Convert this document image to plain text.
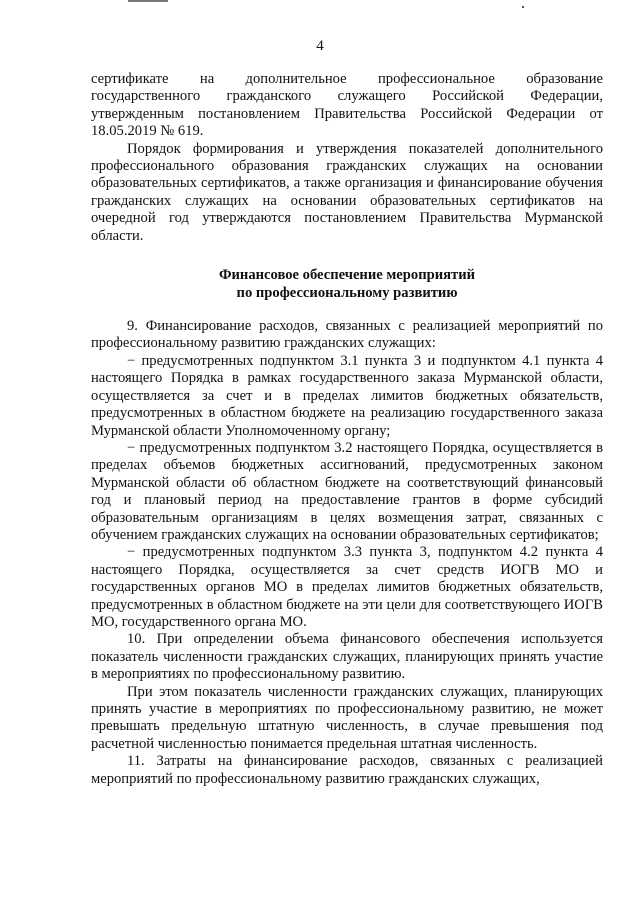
4

сертификате на дополнительное профессиональное образование государственного гражданского служащего Российской Федерации, утвержденным постановлением Правительства Российской Федерации от 18.05.2019 № 619.

Порядок формирования и утверждения показателей дополнительного профессионального образования гражданских служащих на основании образовательных сертификатов, а также организация и финансирование обучения гражданских служащих на основании образовательных сертификатов на очередной год утверждаются постановлением Правительства Мурманской области.

Финансовое обеспечение мероприятий
по профессиональному развитию

9. Финансирование расходов, связанных с реализацией мероприятий по профессиональному развитию гражданских служащих:

− предусмотренных подпунктом 3.1 пункта 3 и подпунктом 4.1 пункта 4 настоящего Порядка в рамках государственного заказа Мурманской области, осуществляется за счет и в пределах лимитов бюджетных обязательств, предусмотренных в областном бюджете на реализацию государственного заказа Мурманской области Уполномоченному органу;

− предусмотренных подпунктом 3.2 настоящего Порядка, осуществляется в пределах объемов бюджетных ассигнований, предусмотренных законом Мурманской области об областном бюджете на соответствующий финансовый год и плановый период на предоставление грантов в форме субсидий образовательным организациям в целях возмещения затрат, связанных с обучением гражданских служащих на основании образовательных сертификатов;

− предусмотренных подпунктом 3.3 пункта 3, подпунктом 4.2 пункта 4 настоящего Порядка, осуществляется за счет средств ИОГВ МО и государственных органов МО в пределах лимитов бюджетных обязательств, предусмотренных в областном бюджете на эти цели для соответствующего ИОГВ МО, государственного органа МО.

10. При определении объема финансового обеспечения используется показатель численности гражданских служащих, планирующих принять участие в мероприятиях по профессиональному развитию.

При этом показатель численности гражданских служащих, планирующих принять участие в мероприятиях по профессиональному развитию, не может превышать предельную штатную численность, в случае превышения под расчетной численностью понимается предельная штатная численность.

11. Затраты на финансирование расходов, связанных с реализацией мероприятий по профессиональному развитию гражданских служащих,
